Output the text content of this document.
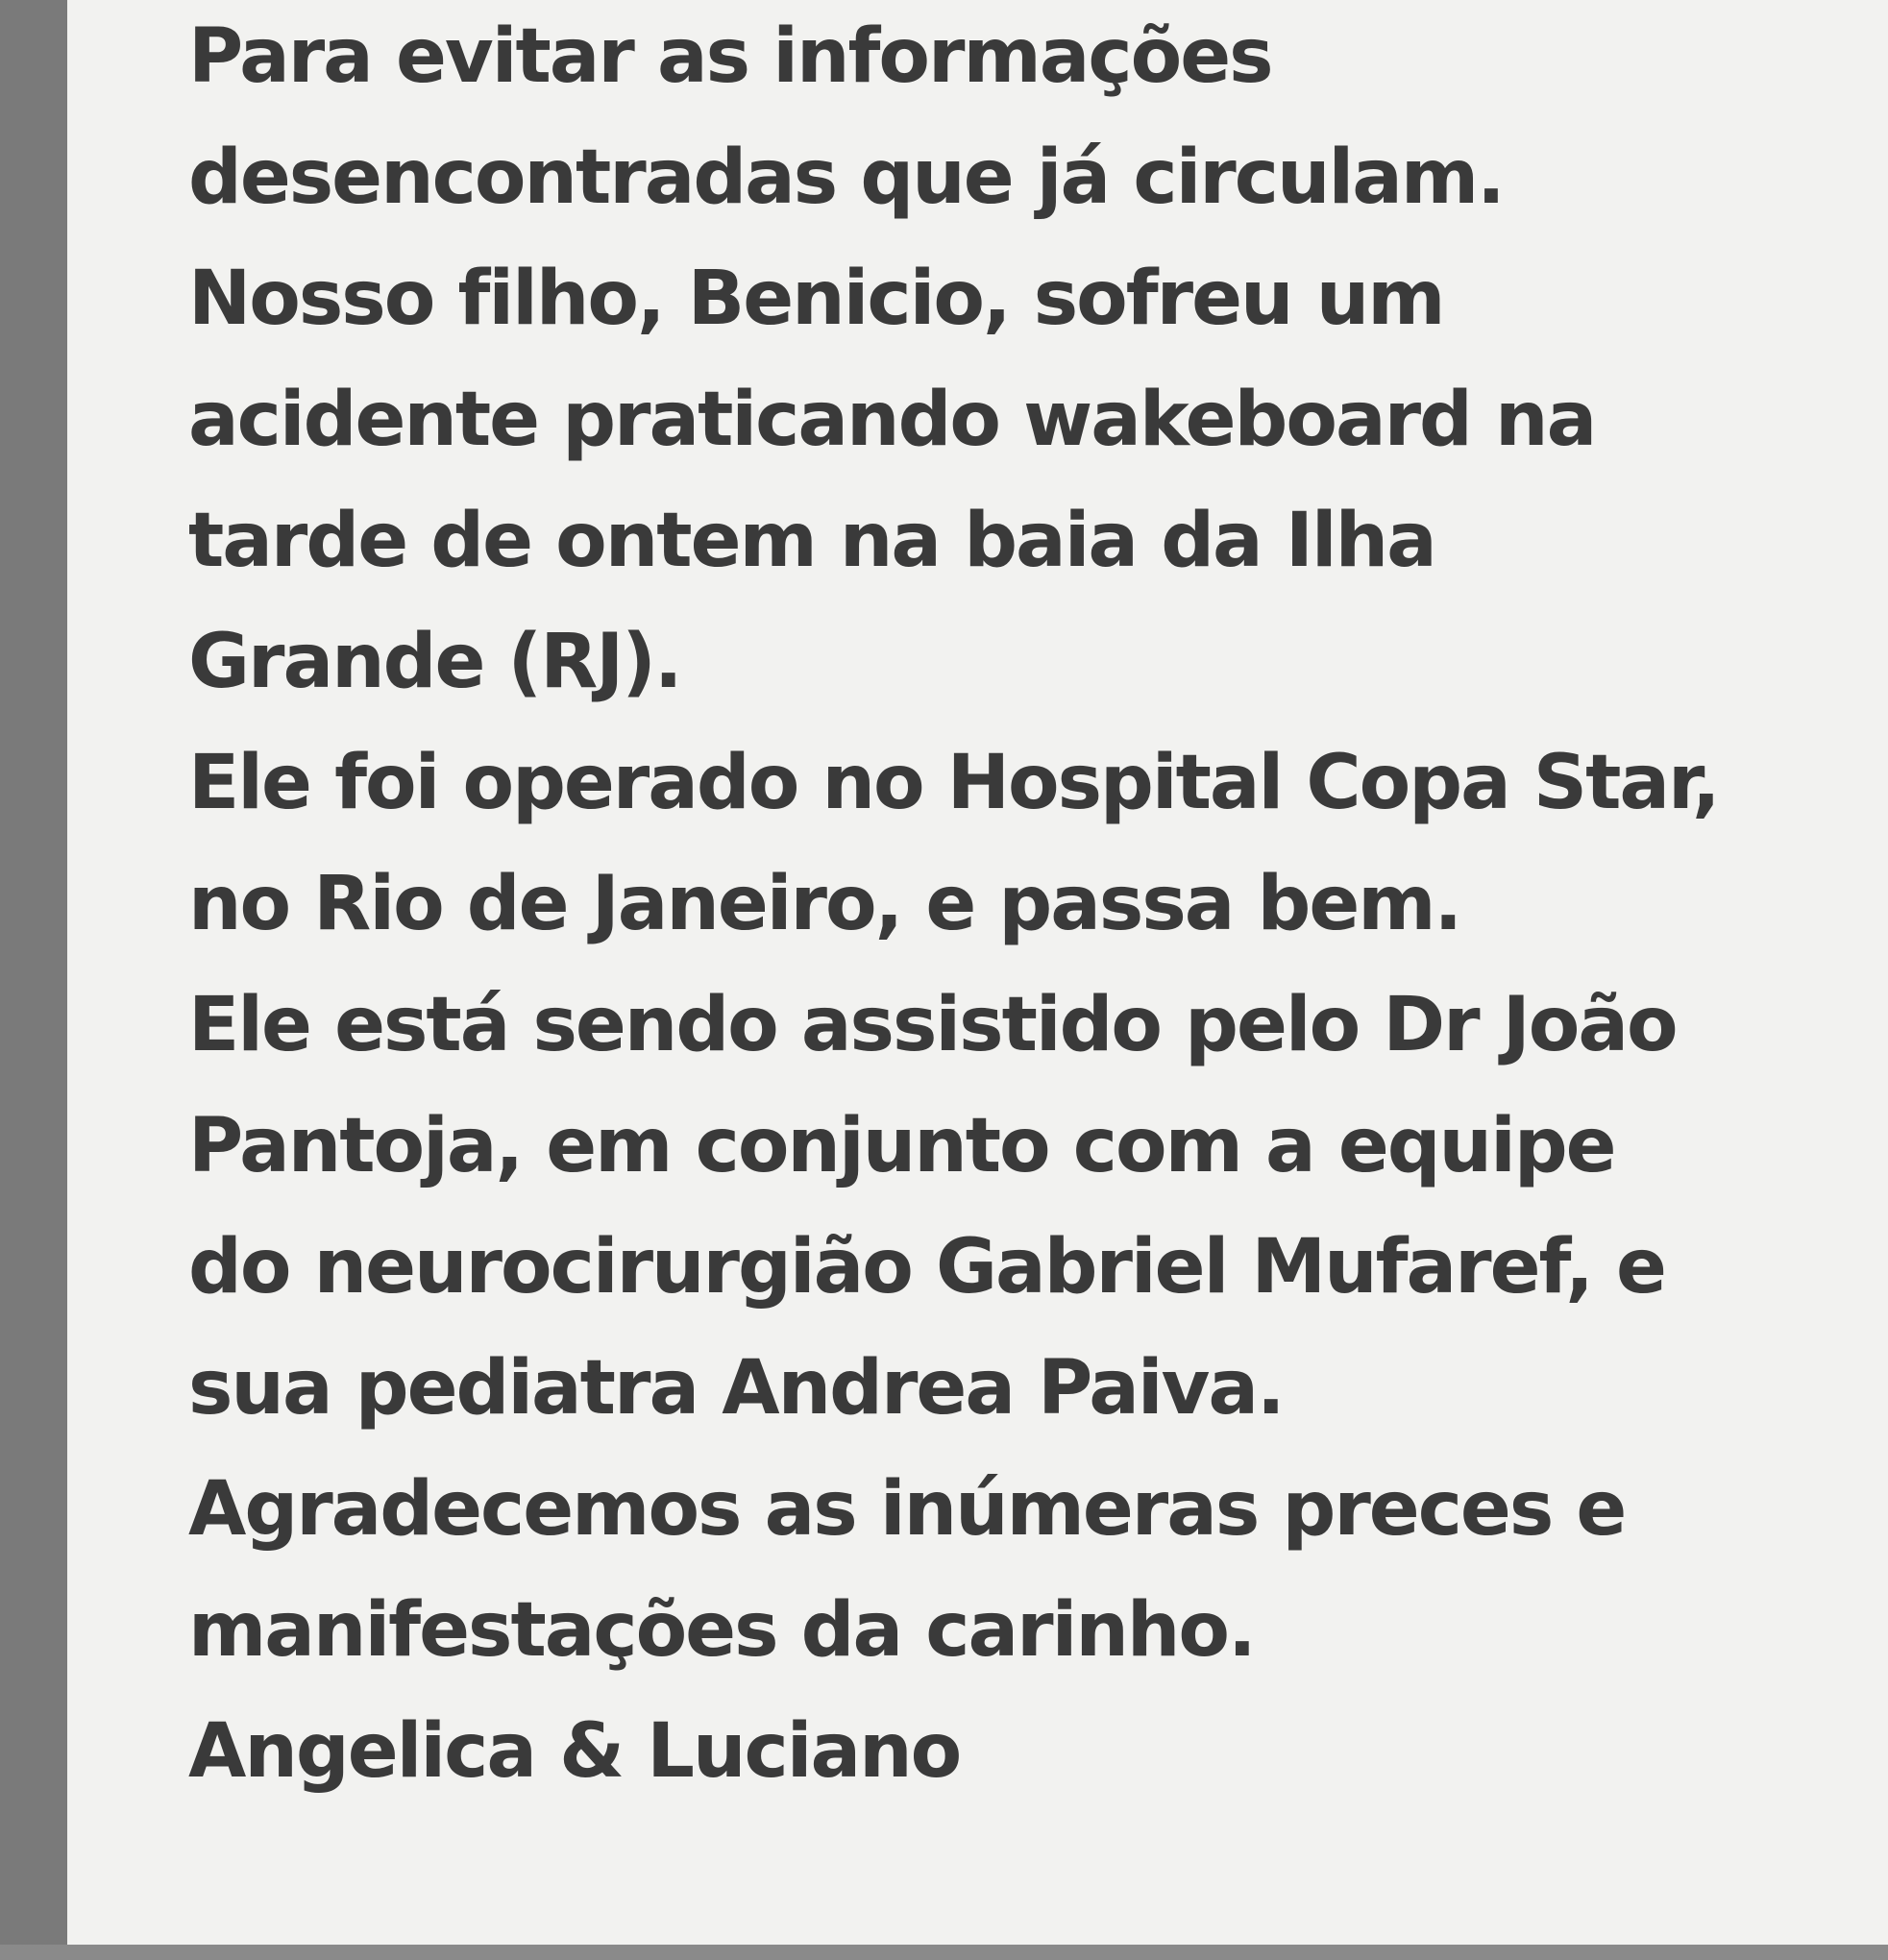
Para evitar as informações
desencontradas que já circulam.
Nosso filho, Benicio, sofreu um
acidente praticando wakeboard na
tarde de ontem na baia da Ilha
Grande (RJ).
Ele foi operado no Hospital Copa Star,
no Rio de Janeiro, e passa bem.
Ele está sendo assistido pelo Dr João
Pantoja, em conjunto com a equipe
do neurocirurgião Gabriel Mufaref, e
sua pediatra Andrea Paiva.
Agradecemos as inúmeras preces e
manifestações da carinho.
Angelica & Luciano
